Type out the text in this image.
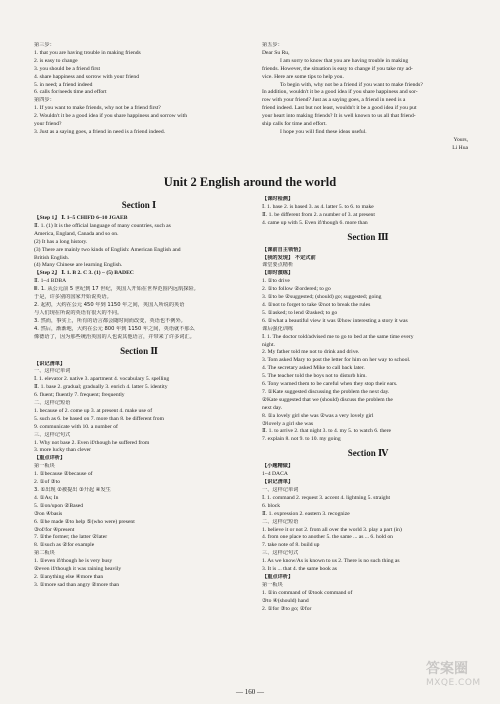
第三步：
1. that you are having trouble in making friends
2. is easy to change
3. you should be a friend first
4. share happiness and sorrow with your friend
5. in need; a friend indeed
6. calls for/needs time and effort
第四步：
1. If you want to make friends, why not be a friend first?
2. Wouldn't it be a good idea if you share happiness and sorrow with
your friend?
3. Just as a saying goes, a friend in need is a friend indeed.
第五步：
Dear Su Ru,
I am sorry to know that you are having trouble in making
friends. However, the situation is easy to change if you take my ad-
vice. Here are some tips to help you.
To begin with, why not be a friend if you want to make friends?
In addition, wouldn't it be a good idea if you share happiness and sor-
row with your friend? Just as a saying goes, a friend in need is a
friend indeed. Last but not least, wouldn't it be a good idea if you put
your heart into making friends? It is well known to us all that friend-
ship calls for time and effort.
I hope you will find these ideas useful.
Yours,
Li Hua
Unit 2 English around the world
Section Ⅰ
【Step 1】 Ⅰ. 1~5 CHIFD 6~10 JGAEB
Ⅱ. 1. (1) It is the official language of many countries, such as
America, England, Canada and so on.
(2) It has a long history.
(3) There are mainly two kinds of English: American English and
British English.
(4) Many Chinese are learning English.
【Step 2】 Ⅰ. 1. B 2. C 3. (1) ~ (5) BADEC
Ⅱ. 1~4 BDBA
Ⅲ. 1. 从公元前 5 世纪到 17 世纪，英国人开始在世界范围内远航探险。
于是，许多别的国家开始说英语。
2. 起初，大约在公元 450 年到 1150 年之间，英国人所说的英语
与人们现在所说的英语有很大的不同。
3. 然而，事实上，所有的语言都会随时间而改变，英语也不例外。
4. 然后，渐渐地，大约在公元 800 年到 1150 年之间，英语就不那么
像德语了，因为那些统治英国的人也说其他语言，并带来了许多词汇。
Section Ⅱ
【识记清单】
一、这样记单词
Ⅰ. 1. elevator 2. native 3. apartment 4. vocabulary 5. spelling
Ⅱ. 1. base 2. gradual; gradually 3. enrich 4. latter 5. identity
6. fluent; fluently 7. frequent; frequently
二、这样记短语
1. because of 2. come up 3. at present 4. make use of
5. such as 6. be based on 7. more than 8. be different from
9. communicate with 10. a number of
三、这样记句式
1. Why not base 2. Even if/though he suffered from
3. more lucky than clever
【重点详析】
第一板块
1. ①because ②because of
2. ①of ③to
3. ①出现 ②被提出 ③升起 ④发生
4. ①As; In
5. ①on/upon ②Based
③on ④basis
6. ①he made ②to help ⑤(who were) present
③of/for ④present
7. ①the former; the latter ②later
8. ①such as ②for example
第二板块
1. ①even if/though he is very busy
②even if/though it was raining heavily
2. ①anything else ④more than
3. ①more sad than angry ②more than
【课时检测】
Ⅰ. 1. base 2. is based 3. as 4. latter 5. to 6. to make
Ⅱ. 1. be different from 2. a number of 3. at present
4. came up with 5. Even if/though 6. more than
Section Ⅲ
【课前自主领悟】
【我的发现】 不定式前
课堂要点精析
【即时演练】
1. ①to drive
2. ①to follow ②ordered; to go
3. ①to be ②suggested; (should) go; suggested; going
4. ①not to forget to take ②not to break the rules
5. ①asked; to lend ②asked; to go
6. ①what a beautiful view it was ②how interesting a story it was
课后强化训练
Ⅰ. 1. The doctor told/advised me to go to bed at the same time every
night.
2. My father told me not to drink and drive.
3. Tom asked Mary to post the letter for him on her way to school.
4. The secretary asked Mike to call back later.
5. The teacher told the boys not to disturb him.
6. Tony warned them to be careful when they stop their ears.
7. ①Kate suggested discussing the problem the next day.
②Kate suggested that we (should) discuss the problem the
next day.
8. ①a lovely girl she was ②was a very lovely girl
③lovely a girl she was
Ⅱ. 1. to arrive 2. that night 3. to 4. my 5. to watch 6. there
7. explain 8. not 9. to 10. my going
Section Ⅳ
【小题精做】
1~4 DACA
【识记清单】
一、这样记单词
Ⅰ. 1. command 2. request 3. accent 4. lightning 5. straight
6. block
Ⅱ. 1. expression 2. eastern 3. recognize
二、这样记短语
1. believe it or not 2. from all over the world 3. play a part (in)
4. from one place to another 5. the same ... as ... 6. hold on
7. take note of 8. build up
三、这样记句式
1. As we know/As is known to us 2. There is no such thing as
3. It is ... that 4. the same book as
【重点详析】
第一板块
1. ①in command of ②took command of
③to ④(should) hand
2. ①for ③to go; ②for
— 160 —
答案圈
MXQE.COM
